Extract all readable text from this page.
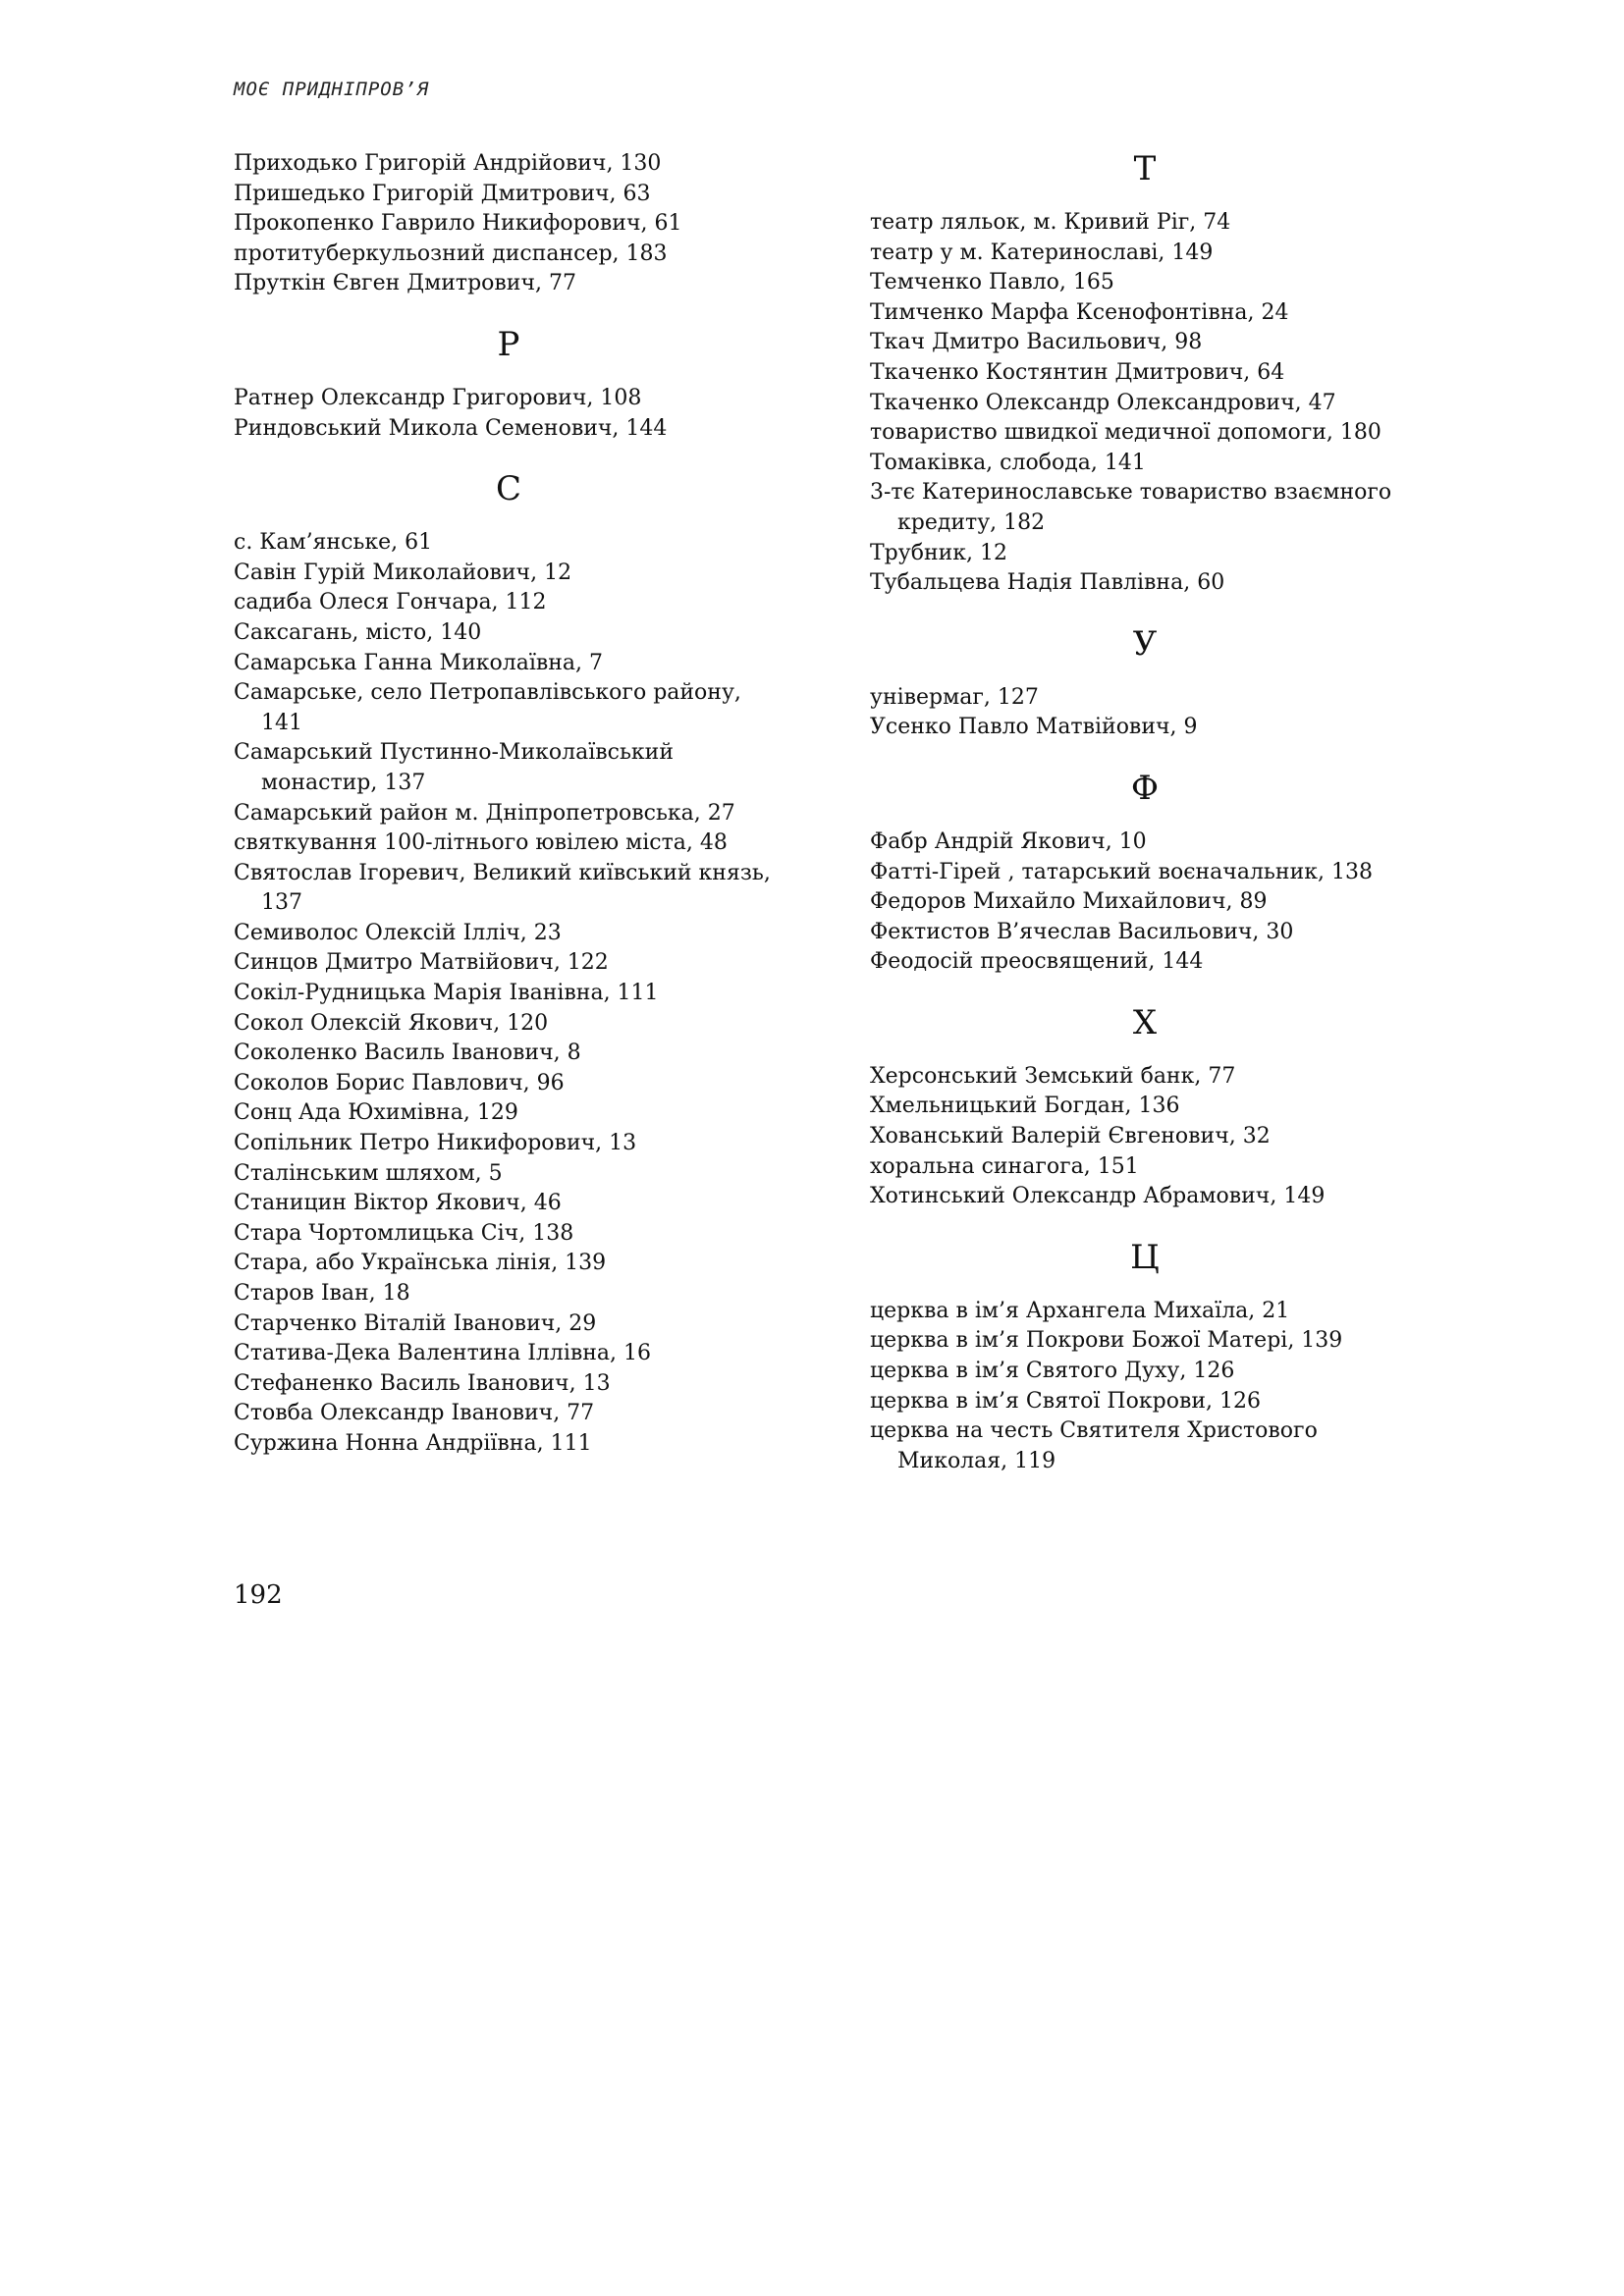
МОЄ ПРИДНІПРОВ’Я
Приходько Григорій Андрійович, 130
Пришедько Григорій Дмитрович, 63
Прокопенко Гаврило Никифорович, 61
протитуберкульозний диспансер, 183
Пруткін Євген Дмитрович, 77
Р
Ратнер Олександр Григорович, 108
Риндовський Микола Семенович, 144
С
с. Кам’янське, 61
Савін Гурій Миколайович, 12
садиба Олеся Гончара, 112
Саксагань, місто, 140
Самарська Ганна Миколаївна, 7
Самарське, село Петропавлівського району, 141
Самарський Пустинно-Миколаївський монастир, 137
Самарський район м. Дніпропетровська, 27
святкування 100-літнього ювілею міста, 48
Святослав Ігоревич, Великий київський князь, 137
Семиволос Олексій Ілліч, 23
Синцов Дмитро Матвійович, 122
Сокіл-Рудницька Марія Іванівна, 111
Сокол Олексій Якович, 120
Соколенко Василь Іванович, 8
Соколов Борис Павлович, 96
Сонц Ада Юхимівна, 129
Сопільник Петро Никифорович, 13
Сталінським шляхом, 5
Станицин Віктор Якович, 46
Стара Чортомлицька Січ, 138
Стара, або Українська лінія, 139
Старов Іван, 18
Старченко Віталій Іванович, 29
Статива-Дека Валентина Іллівна, 16
Стефаненко Василь Іванович, 13
Стовба Олександр Іванович, 77
Суржина Нонна Андріївна, 111
Т
театр ляльок, м. Кривий Ріг, 74
театр у м. Катеринославі, 149
Темченко Павло, 165
Тимченко Марфа Ксенофонтівна, 24
Ткач Дмитро Васильович, 98
Ткаченко Костянтин Дмитрович, 64
Ткаченко Олександр Олександрович, 47
товариство швидкої медичної допомоги, 180
Томаківка, слобода, 141
3-тє Катеринославське товариство взаємного кредиту, 182
Трубник, 12
Тубальцева Надія Павлівна, 60
У
універмаг, 127
Усенко Павло Матвійович, 9
Ф
Фабр Андрій Якович, 10
Фатті-Гірей , татарський воєначальник, 138
Федоров Михайло Михайлович, 89
Фектистов В’ячеслав Васильович, 30
Феодосій преосвящений, 144
Х
Херсонський Земський банк, 77
Хмельницький Богдан, 136
Хованський Валерій Євгенович, 32
хоральна синагога, 151
Хотинський Олександр Абрамович, 149
Ц
церква в ім’я Архангела Михаїла, 21
церква в ім’я Покрови Божої Матері, 139
церква в ім’я Святого Духу, 126
церква в ім’я Святої Покрови, 126
церква на честь Святителя Христового Миколая, 119
192
